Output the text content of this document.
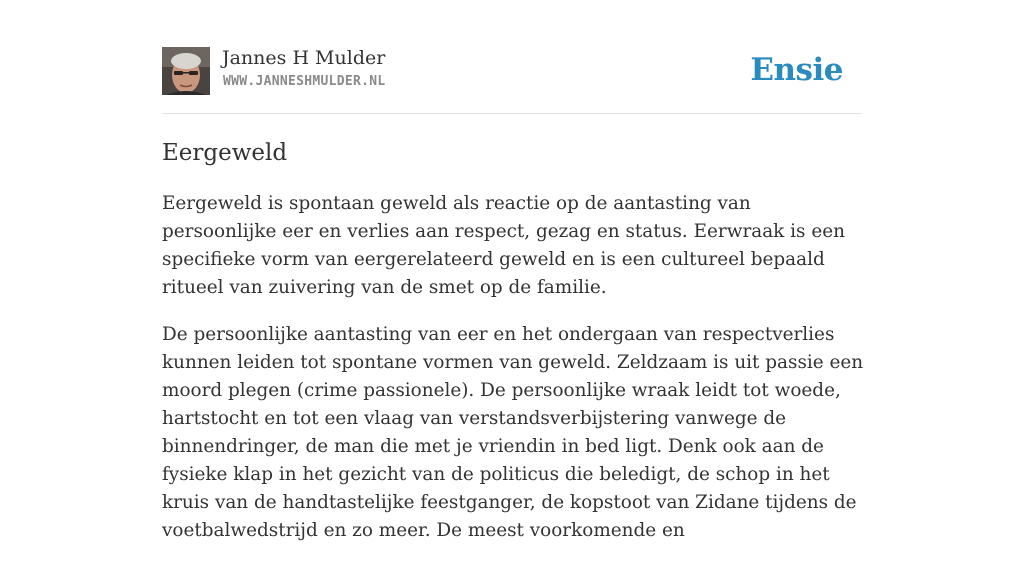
Jannes H Mulder
WWW.JANNESHMULDER.NL	Ensie
Eergeweld

Eergeweld is spontaan geweld als reactie op de aantasting van persoonlijke eer en verlies aan respect, gezag en status. Eerwraak is een specifieke vorm van eergerelateerd geweld en is een cultureel bepaald ritueel van zuivering van de smet op de familie.

De persoonlijke aantasting van eer en het ondergaan van respectverlies kunnen leiden tot spontane vormen van geweld. Zeldzaam is uit passie een moord plegen (crime passionele). De persoonlijke wraak leidt tot woede, hartstocht en tot een vlaag van verstandsverbijstering vanwege de binnendringer, de man die met je vriendin in bed ligt. Denk ook aan de fysieke klap in het gezicht van de politicus die beledigt, de schop in het kruis van de handtastelijke feestganger, de kopstoot van Zidane tijdens de voetbalwedstrijd en zo meer. De meest voorkomende en
